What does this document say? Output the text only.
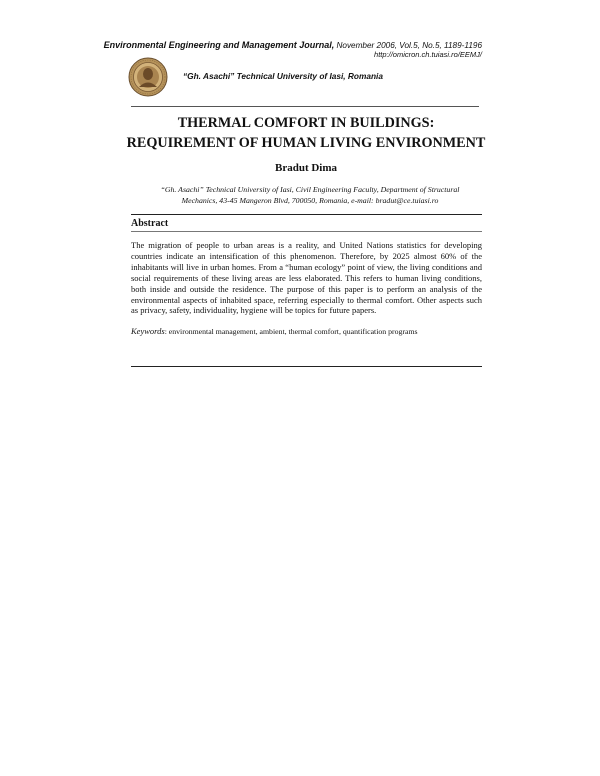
Environmental Engineering and Management Journal, November 2006, Vol.5, No.5, 1189-1196
http://omicron.ch.tuiasi.ro/EEMJ/
“Gh. Asachi” Technical University of Iasi, Romania
THERMAL COMFORT IN BUILDINGS:
REQUIREMENT OF HUMAN LIVING ENVIRONMENT
Bradut Dima
“Gh. Asachi” Technical University of Iasi, Civil Engineering Faculty, Department of Structural
Mechanics, 43-45 Mangeron Blvd, 700050, Romania, e-mail: bradut@ce.tuiasi.ro
Abstract
The migration of people to urban areas is a reality, and United Nations statistics for developing countries indicate an intensification of this phenomenon. Therefore, by 2025 almost 60% of the inhabitants will live in urban homes. From a “human ecology” point of view, the living conditions and social requirements of these living areas are less elaborated. This refers to human living conditions, both inside and outside the residence. The purpose of this paper is to perform an analysis of the environmental aspects of inhabited space, referring especially to thermal comfort. Other aspects such as privacy, safety, individuality, hygiene will be topics for future papers.
Keywords: environmental management, ambient, thermal comfort, quantification programs
